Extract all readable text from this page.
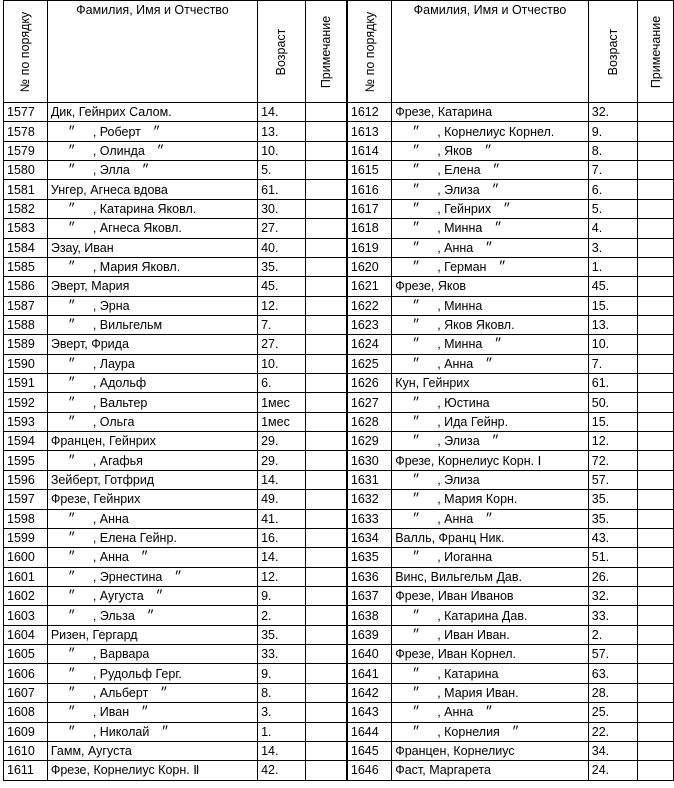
№ по порядку	Фамилия, Имя и Отчество	Возраст	Примечание	№ по порядку	Фамилия, Имя и Отчество	Возраст	Примечание

1577	Дик, Гейнрих Салом.	14.		1612	Фрезе, Катарина	32.	
1578	״ , Роберт ״	13.		1613	״ , Корнелиус Корнел.	9.	
1579	״ , Олинда ״	10.		1614	״ , Яков ״	8.	
1580	״ , Элла ״	5.		1615	״ , Елена ״	7.	
1581	Унгер, Агнеса вдова	61.		1616	״ , Элиза ״	6.	
1582	״ , Катарина Яковл.	30.		1617	״ , Гейнрих ״	5.	
1583	״ , Агнеса Яковл.	27.		1618	״ , Минна ״	4.	
1584	Эзау, Иван	40.		1619	״ , Анна ״	3.	
1585	״ , Мария Яковл.	35.		1620	״ , Герман ״	1.	
1586	Эверт, Мария	45.		1621	Фрезе, Яков	45.	
1587	״ , Эрна	12.		1622	״ , Минна	15.	
1588	״ , Вильгельм	7.		1623	״ , Яков Яковл.	13.	
1589	Эверт, Фрида	27.		1624	״ , Минна ״	10.	
1590	״ , Лаура	10.		1625	״ , Анна ״	7.	
1591	״ , Адольф	6.		1626	Кун, Гейнрих	61.	
1592	״ , Вальтер	1мес		1627	״ , Юстина	50.	
1593	״ , Ольга	1мес		1628	״ , Ида Гейнр.	15.	
1594	Францен, Гейнрих	29.		1629	״ , Элиза ״	12.	
1595	״ , Агафья	29.		1630	Фрезе, Корнелиус Корн. Ⅰ	72.	
1596	Зейберт, Готфрид	14.		1631	״ , Элиза	57.	
1597	Фрезе, Гейнрих	49.		1632	״ , Мария Корн.	35.	
1598	״ , Анна	41.		1633	״ , Анна ״	35.	
1599	״ , Елена Гейнр.	16.		1634	Валль, Франц Ник.	43.	
1600	״ , Анна ״	14.		1635	״ , Иоганна	51.	
1601	״ , Эрнестина ״	12.		1636	Винс, Вильгельм Дав.	26.	
1602	״ , Аугуста ״	9.		1637	Фрезе, Иван Иванов	32.	
1603	״ , Эльза ״	2.		1638	״ , Катарина Дав.	33.	
1604	Ризен, Гергард	35.		1639	״ , Иван Иван.	2.	
1605	״ , Варвара	33.		1640	Фрезе, Иван Корнел.	57.	
1606	״ , Рудольф Герг.	9.		1641	״ , Катарина	63.	
1607	״ , Альберт ״	8.		1642	״ , Мария Иван.	28.	
1608	״ , Иван ״	3.		1643	״ , Анна ״	25.	
1609	״ , Николай ״	1.		1644	״ , Корнелия ״	22.	
1610	Гамм, Аугуста	14.		1645	Францен, Корнелиус	34.	
1611	Фрезе, Корнелиус Корн. Ⅱ	42.		1646	Фаст, Маргарета	24.	
